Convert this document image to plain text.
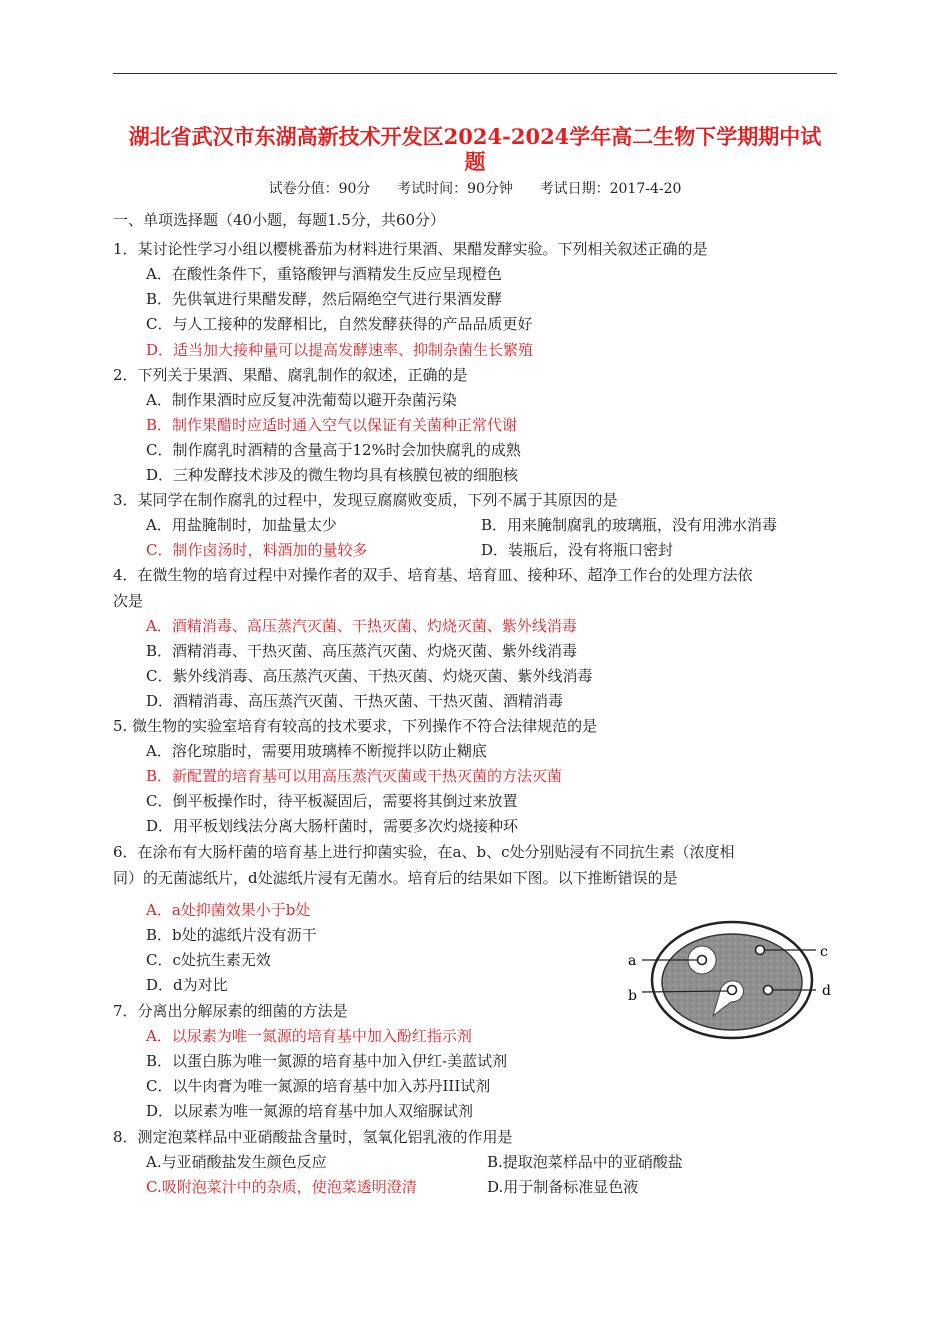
湖北省武汉市东湖高新技术开发区2024-2024学年高二生物下学期期中试
题
试卷分值：90分      考试时间：90分钟      考试日期：2017-4-20
一、单项选择题（40小题，每题1.5分，共60分）
1．某讨论性学习小组以樱桃番茄为材料进行果酒、果醋发酵实验。下列相关叙述正确的是
A．在酸性条件下，重铬酸钾与酒精发生反应呈现橙色
B．先供氧进行果醋发酵，然后隔绝空气进行果酒发酵
C．与人工接种的发酵相比，自然发酵获得的产品品质更好
D．适当加大接种量可以提高发酵速率、抑制杂菌生长繁殖
2．下列关于果酒、果醋、腐乳制作的叙述，正确的是
A．制作果酒时应反复冲洗葡萄以避开杂菌污染
B．制作果醋时应适时通入空气以保证有关菌种正常代谢
C．制作腐乳时酒精的含量高于12%时会加快腐乳的成熟
D．三种发酵技术涉及的微生物均具有核膜包被的细胞核
3．某同学在制作腐乳的过程中，发现豆腐腐败变质，下列不属于其原因的是
A．用盐腌制时，加盐量太少	B．用来腌制腐乳的玻璃瓶，没有用沸水消毒
C．制作卤汤时，料酒加的量较多	D．装瓶后，没有将瓶口密封
4．在微生物的培育过程中对操作者的双手、培育基、培育皿、接种环、超净工作台的处理方法依
次是
A．酒精消毒、高压蒸汽灭菌、干热灭菌、灼烧灭菌、紫外线消毒
B．酒精消毒、干热灭菌、高压蒸汽灭菌、灼烧灭菌、紫外线消毒
C．紫外线消毒、高压蒸汽灭菌、干热灭菌、灼烧灭菌、紫外线消毒
D．酒精消毒、高压蒸汽灭菌、干热灭菌、干热灭菌、酒精消毒
5. 微生物的实验室培育有较高的技术要求，下列操作不符合法律规范的是
A．溶化琼脂时，需要用玻璃棒不断搅拌以防止糊底
B．新配置的培育基可以用高压蒸汽灭菌或干热灭菌的方法灭菌
C．倒平板操作时，待平板凝固后，需要将其倒过来放置
D．用平板划线法分离大肠杆菌时，需要多次灼烧接种环
6．在涂布有大肠杆菌的培育基上进行抑菌实验，在a、b、c处分别贴浸有不同抗生素（浓度相
同）的无菌滤纸片，d处滤纸片浸有无菌水。培育后的结果如下图。以下推断错误的是
A．a处抑菌效果小于b处
B．b处的滤纸片没有沥干
C．c处抗生素无效
D．d为对比
a
b
c
d
7．分离出分解尿素的细菌的方法是
A．以尿素为唯一氮源的培育基中加入酚红指示剂
B．以蛋白胨为唯一氮源的培育基中加入伊红-美蓝试剂
C．以牛肉膏为唯一氮源的培育基中加入苏丹III试剂
D．以尿素为唯一氮源的培育基中加人双缩脲试剂
8．测定泡菜样品中亚硝酸盐含量时，氢氧化铝乳液的作用是
A.与亚硝酸盐发生颜色反应	B.提取泡菜样品中的亚硝酸盐
C.吸附泡菜汁中的杂质，使泡菜透明澄清	D.用于制备标准显色液
